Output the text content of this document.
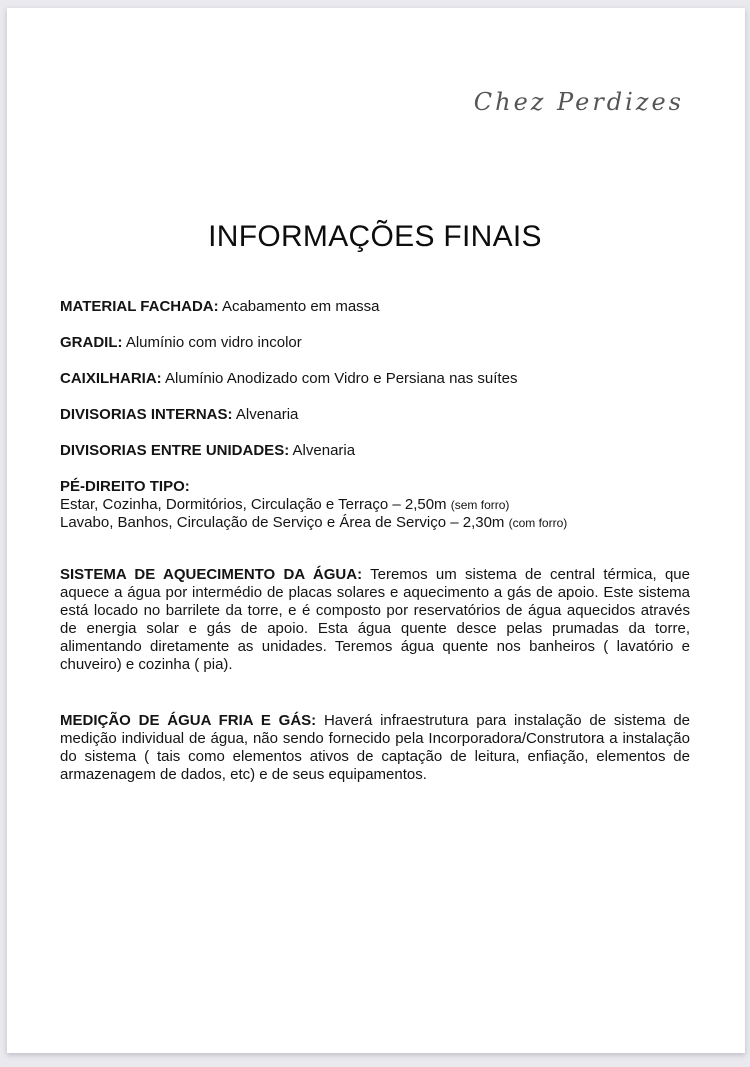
Chez Perdizes
INFORMAÇÕES FINAIS
MATERIAL FACHADA: Acabamento em massa
GRADIL: Alumínio com vidro incolor
CAIXILHARIA: Alumínio Anodizado com Vidro e Persiana nas suítes
DIVISORIAS INTERNAS: Alvenaria
DIVISORIAS ENTRE UNIDADES: Alvenaria
PÉ-DIREITO TIPO:
Estar, Cozinha, Dormitórios, Circulação e Terraço – 2,50m (sem forro)
Lavabo, Banhos, Circulação de Serviço e Área de Serviço – 2,30m (com forro)

SISTEMA DE AQUECIMENTO DA ÁGUA: Teremos um sistema de central térmica, que aquece a água por intermédio de placas solares e aquecimento a gás de apoio. Este sistema está locado no barrilete da torre, e é composto por reservatórios de água aquecidos através de energia solar e gás de apoio. Esta água quente desce pelas prumadas da torre, alimentando diretamente as unidades. Teremos água quente nos banheiros ( lavatório e chuveiro) e cozinha ( pia).

MEDIÇÃO DE ÁGUA FRIA E GÁS: Haverá infraestrutura para instalação de sistema de medição individual de água, não sendo fornecido pela Incorporadora/Construtora a instalação do sistema ( tais como elementos ativos de captação de leitura, enfiação, elementos de armazenagem de dados, etc) e de seus equipamentos.
